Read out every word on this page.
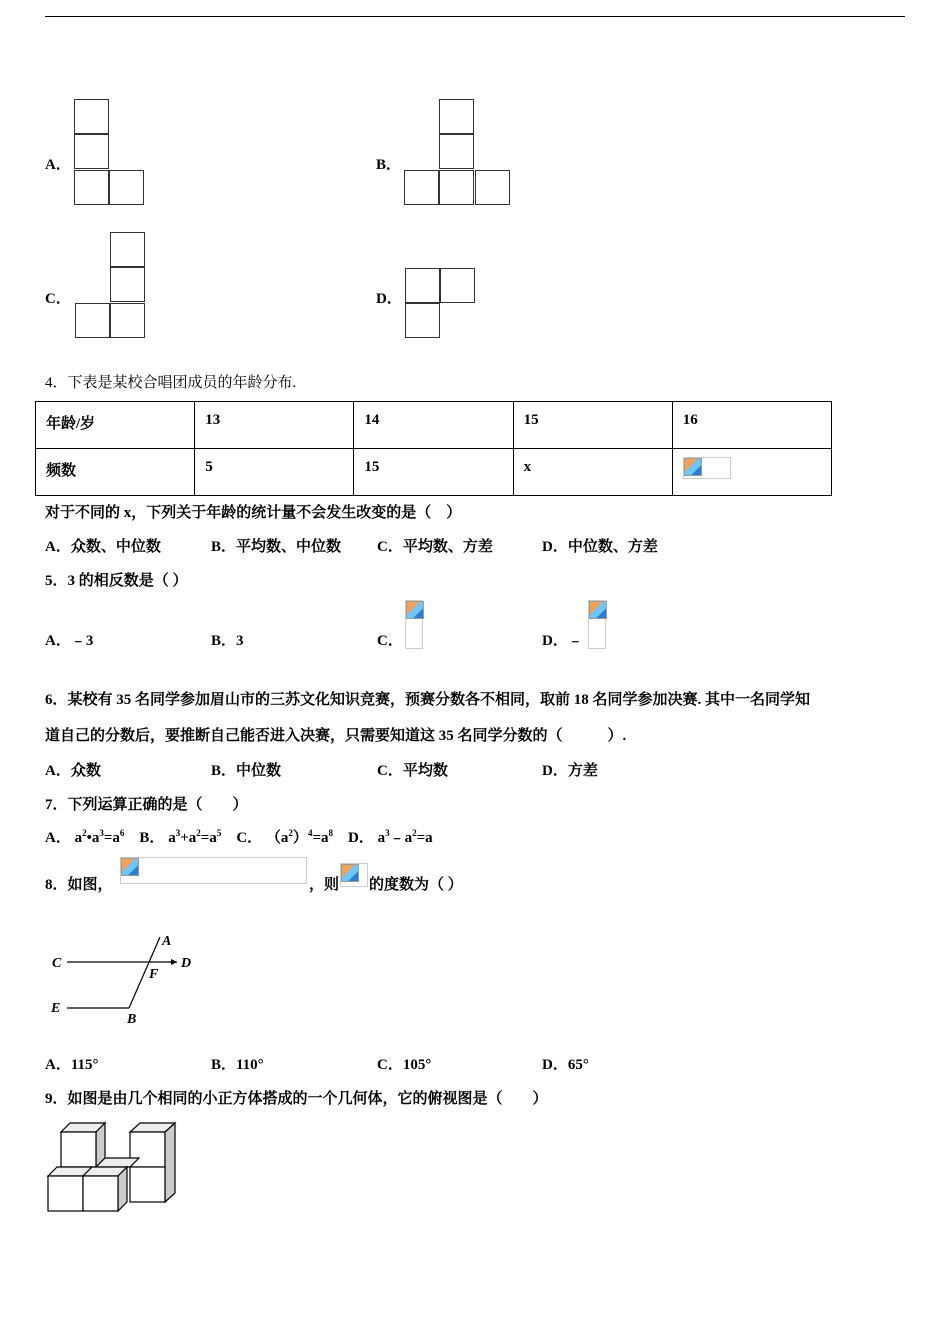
A．	B．
C．	D．
4．下表是某校合唱团成员的年龄分布.
年龄/岁	13	14	15	16
频数	5	15	x	
对于不同的 x，下列关于年龄的统计量不会发生改变的是（　）
A．众数、中位数	B．平均数、中位数 C．平均数、方差	D．中位数、方差
5．3 的相反数是（ ）
A．﹣3	B．3	C．	D．﹣
6．某校有 35 名同学参加眉山市的三苏文化知识竞赛，预赛分数各不相同，取前 18 名同学参加决赛. 其中一名同学知
道自己的分数后，要推断自己能否进入决赛，只需要知道这 35 名同学分数的（　　　）.
A．众数	B．中位数	C．平均数	D．方差
7．下列运算正确的是（　　）
A． $a^2•a^3=a^6$ B． $a^3+a^2=a^5$ C． $(a^2)^4=a^8$ D． $a^3﹣a^2=a$
8．如图，	，则 的度数为（ ）
A
C	D
F
E
B
A．115°	B．110°	C．105°	D．65°
9．如图是由几个相同的小正方体搭成的一个几何体，它的俯视图是（　　）
